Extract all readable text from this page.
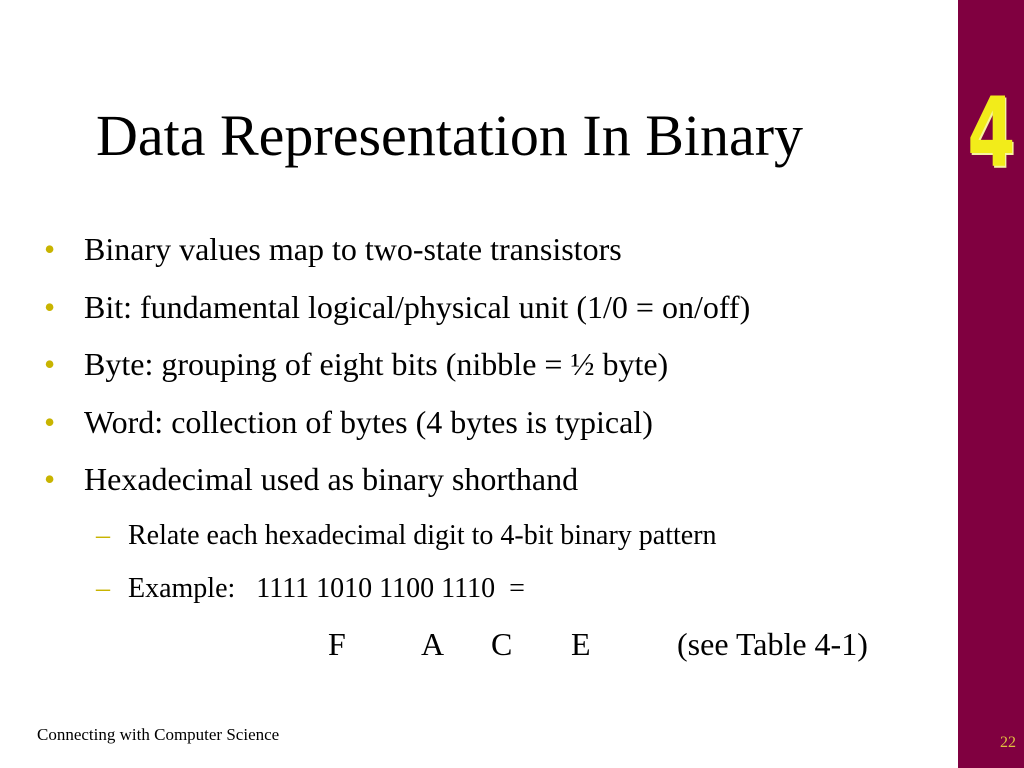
4
Data Representation In Binary
• Binary values map to two-state transistors
• Bit: fundamental logical/physical unit (1/0 = on/off)
• Byte: grouping of eight bits (nibble = ½ byte)
• Word: collection of bytes (4 bytes is typical)
• Hexadecimal used as binary shorthand
– Relate each hexadecimal digit to 4-bit binary pattern
– Example:   1111 1010 1100 1110  =
F A C E	(see Table 4-1)
Connecting with Computer Science	22
